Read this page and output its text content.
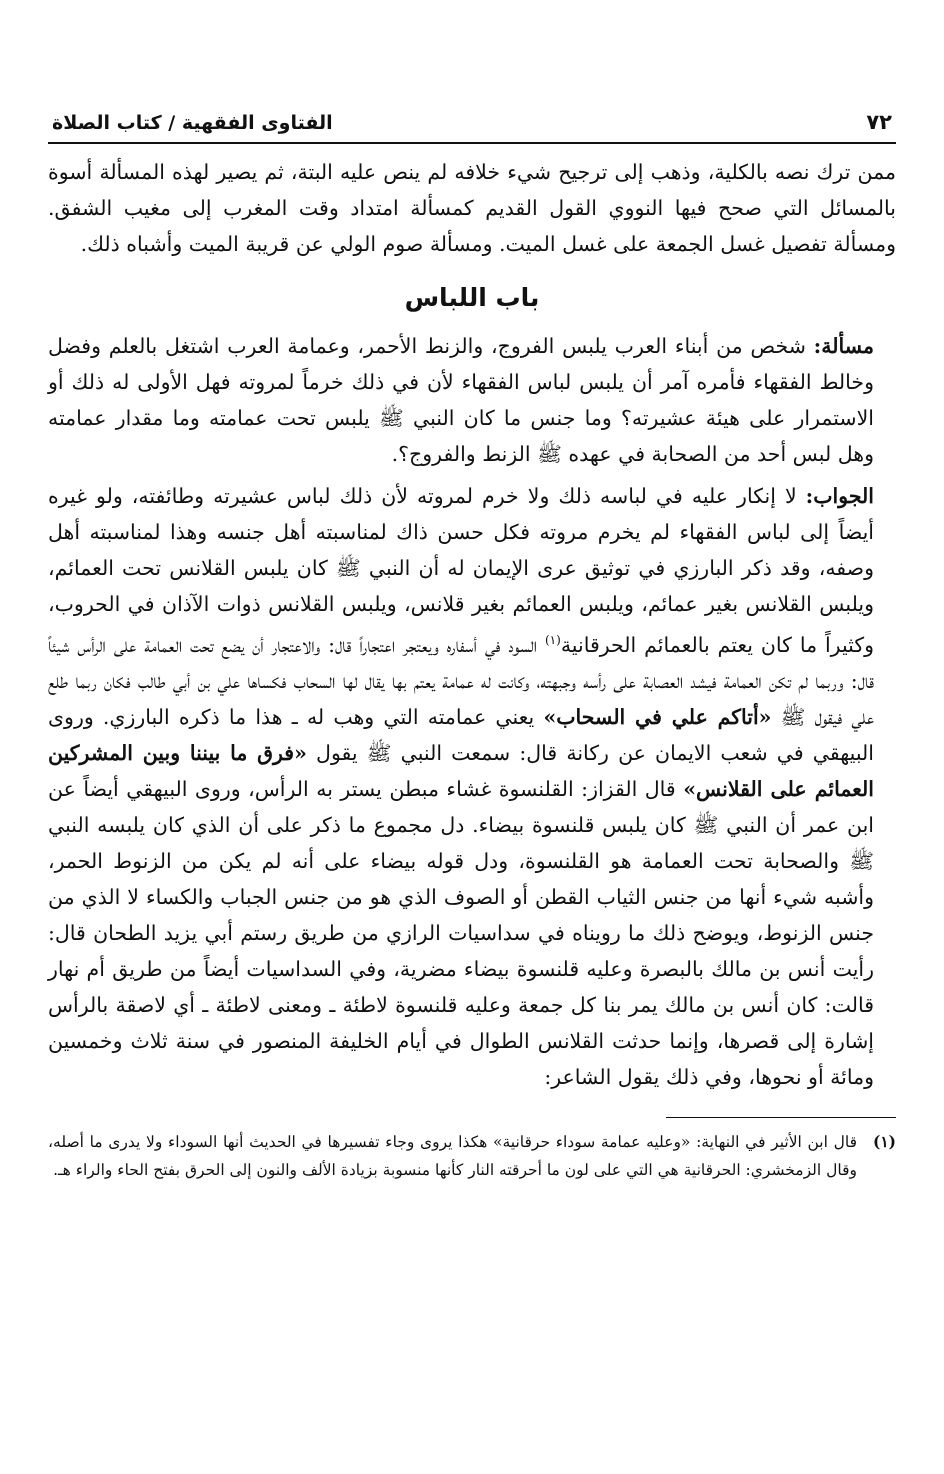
٧٢
الفتاوى الفقهية / كتاب الصلاة

ممن ترك نصه بالكلية، وذهب إلى ترجيح شيء خلافه لم ينص عليه البتة، ثم يصير لهذه المسألة أسوة بالمسائل التي صحح فيها النووي القول القديم كمسألة امتداد وقت المغرب إلى مغيب الشفق. ومسألة تفصيل غسل الجمعة على غسل الميت. ومسألة صوم الولي عن قريبة الميت وأشباه ذلك.

باب اللباس

مسألة: شخص من أبناء العرب يلبس الفروج، والزنط الأحمر، وعمامة العرب اشتغل بالعلم وفضل وخالط الفقهاء فأمره آمر أن يلبس لباس الفقهاء لأن في ذلك خرماً لمروته فهل الأولى له ذلك أو الاستمرار على هيئة عشيرته؟ وما جنس ما كان النبي ﷺ يلبس تحت عمامته وما مقدار عمامته وهل لبس أحد من الصحابة في عهده ﷺ الزنط والفروج؟.

الجواب: لا إنكار عليه في لباسه ذلك ولا خرم لمروته لأن ذلك لباس عشيرته وطائفته، ولو غيره أيضاً إلى لباس الفقهاء لم يخرم مروته فكل حسن ذاك لمناسبته أهل جنسه وهذا لمناسبته أهل وصفه، وقد ذكر البارزي في توثيق عرى الإيمان له أن النبي ﷺ كان يلبس القلانس تحت العمائم، ويلبس القلانس بغير عمائم، ويلبس العمائم بغير قلانس، ويلبس القلانس ذوات الآذان في الحروب، وكثيراً ما كان يعتم بالعمائم الحرقانية$^{(١)}$ السود في أسفاره ويعتجر اعتجاراً قال: والاعتجار أن يضع تحت العمامة على الرأس شيئاً قال: وربما لم تكن العمامة فيشد العصابة على رأسه وجبهته، وكانت له عمامة يعتم بها يقال لها السحاب فكساها علي بن أبي طالب فكان ربما طلع علي فيقول ﷺ «أتاكم علي في السحاب» يعني عمامته التي وهب له ـ هذا ما ذكره البارزي. وروى البيهقي في شعب الايمان عن ركانة قال: سمعت النبي ﷺ يقول «فرق ما بيننا وبين المشركين العمائم على القلانس» قال القزاز: القلنسوة غشاء مبطن يستر به الرأس، وروى البيهقي أيضاً عن ابن عمر أن النبي ﷺ كان يلبس قلنسوة بيضاء. دل مجموع ما ذكر على أن الذي كان يلبسه النبي ﷺ والصحابة تحت العمامة هو القلنسوة، ودل قوله بيضاء على أنه لم يكن من الزنوط الحمر، وأشبه شيء أنها من جنس الثياب القطن أو الصوف الذي هو من جنس الجباب والكساء لا الذي من جنس الزنوط، ويوضح ذلك ما رويناه في سداسيات الرازي من طريق رستم أبي يزيد الطحان قال: رأيت أنس بن مالك بالبصرة وعليه قلنسوة بيضاء مضرية، وفي السداسيات أيضاً من طريق أم نهار قالت: كان أنس بن مالك يمر بنا كل جمعة وعليه قلنسوة لاطئة ـ ومعنى لاطئة ـ أي لاصقة بالرأس إشارة إلى قصرها، وإنما حدثت القلانس الطوال في أيام الخليفة المنصور في سنة ثلاث وخمسين ومائة أو نحوها، وفي ذلك يقول الشاعر:

(١)
قال ابن الأثير في النهاية: «وعليه عمامة سوداء حرقانية» هكذا يروى وجاء تفسيرها في الحديث أنها السوداء ولا يدرى ما أصله، وقال الزمخشري: الحرقانية هي التي على لون ما أحرقته النار كأنها منسوبة بزيادة الألف والنون إلى الحرق بفتح الحاء والراء هـ.
